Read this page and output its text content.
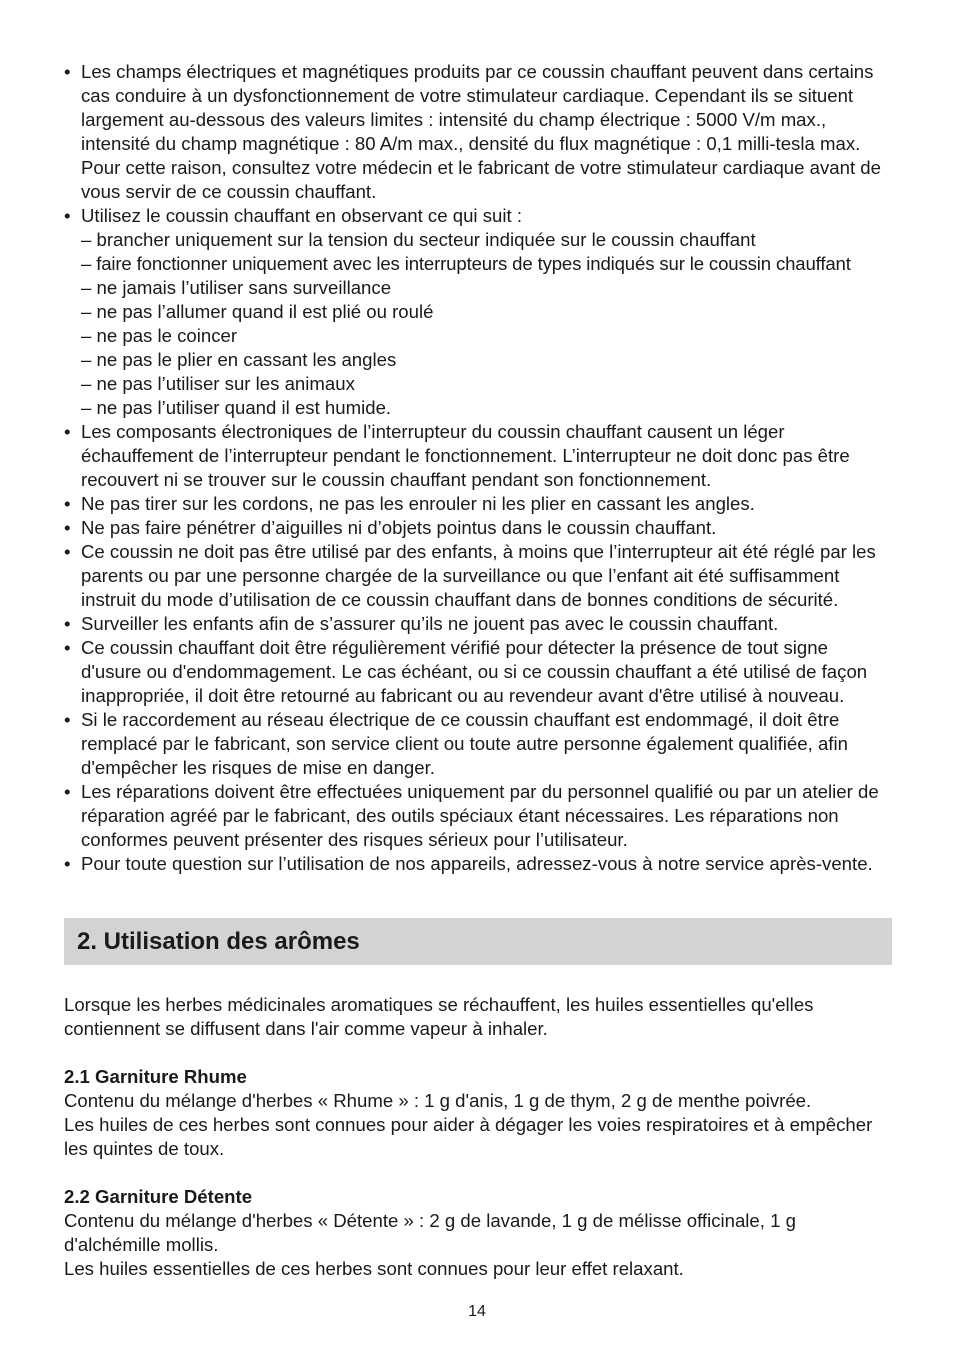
• Les champs électriques et magnétiques produits par ce coussin chauffant peuvent dans certains cas conduire à un dysfonctionnement de votre stimulateur cardiaque. Cependant ils se situent largement au-dessous des valeurs limites : intensité du champ électrique : 5000 V/m max., intensité du champ magnétique : 80 A/m max., densité du flux magnétique : 0,1 milli-tesla max. Pour cette raison, consultez votre médecin et le fabricant de votre stimulateur cardiaque avant de vous servir de ce coussin chauffant.
• Utilisez le coussin chauffant en observant ce qui suit :
– brancher uniquement sur la tension du secteur indiquée sur le coussin chauffant
– faire fonctionner uniquement avec les interrupteurs de types indiqués sur le coussin chauffant
– ne jamais l’utiliser sans surveillance
– ne pas l’allumer quand il est plié ou roulé
– ne pas le coincer
– ne pas le plier en cassant les angles
– ne pas l’utiliser sur les animaux
– ne pas l’utiliser quand il est humide.
• Les composants électroniques de l’interrupteur du coussin chauffant causent un léger échauffement de l’interrupteur pendant le fonctionnement. L’interrupteur ne doit donc pas être recouvert ni se trouver sur le coussin chauffant pendant son fonctionnement.
• Ne pas tirer sur les cordons, ne pas les enrouler ni les plier en cassant les angles.
• Ne pas faire pénétrer d’aiguilles ni d’objets pointus dans le coussin chauffant.
• Ce coussin ne doit pas être utilisé par des enfants, à moins que l’interrupteur ait été réglé par les parents ou par une personne chargée de la surveillance ou que l’enfant ait été suffisamment instruit du mode d’utilisation de ce coussin chauffant dans de bonnes conditions de sécurité.
• Surveiller les enfants afin de s’assurer qu’ils ne jouent pas avec le coussin chauffant.
• Ce coussin chauffant doit être régulièrement vérifié pour détecter la présence de tout signe d'usure ou d'endommagement. Le cas échéant, ou si ce coussin chauffant a été utilisé de façon inappropriée, il doit être retourné au fabricant ou au revendeur avant d'être utilisé à nouveau.
• Si le raccordement au réseau électrique de ce coussin chauffant est endommagé, il doit être remplacé par le fabricant, son service client ou toute autre personne également qualifiée, afin d'empêcher les risques de mise en danger.
• Les réparations doivent être effectuées uniquement par du personnel qualifié ou par un atelier de réparation agréé par le fabricant, des outils spéciaux étant nécessaires. Les réparations non conformes peuvent présenter des risques sérieux pour l’utilisateur.
• Pour toute question sur l’utilisation de nos appareils, adressez-vous à notre service après-vente.
2. Utilisation des arômes

Lorsque les herbes médicinales aromatiques se réchauffent, les huiles essentielles qu'elles contiennent se diffusent dans l'air comme vapeur à inhaler.

2.1 Garniture Rhume

Contenu du mélange d'herbes « Rhume » : 1 g d'anis, 1 g de thym, 2 g de menthe poivrée.

Les huiles de ces herbes sont connues pour aider à dégager les voies respiratoires et à empêcher les quintes de toux.

2.2 Garniture Détente

Contenu du mélange d'herbes « Détente » : 2 g de lavande, 1 g de mélisse officinale, 1 g d'alchémille mollis.

Les huiles essentielles de ces herbes sont connues pour leur effet relaxant.

14
